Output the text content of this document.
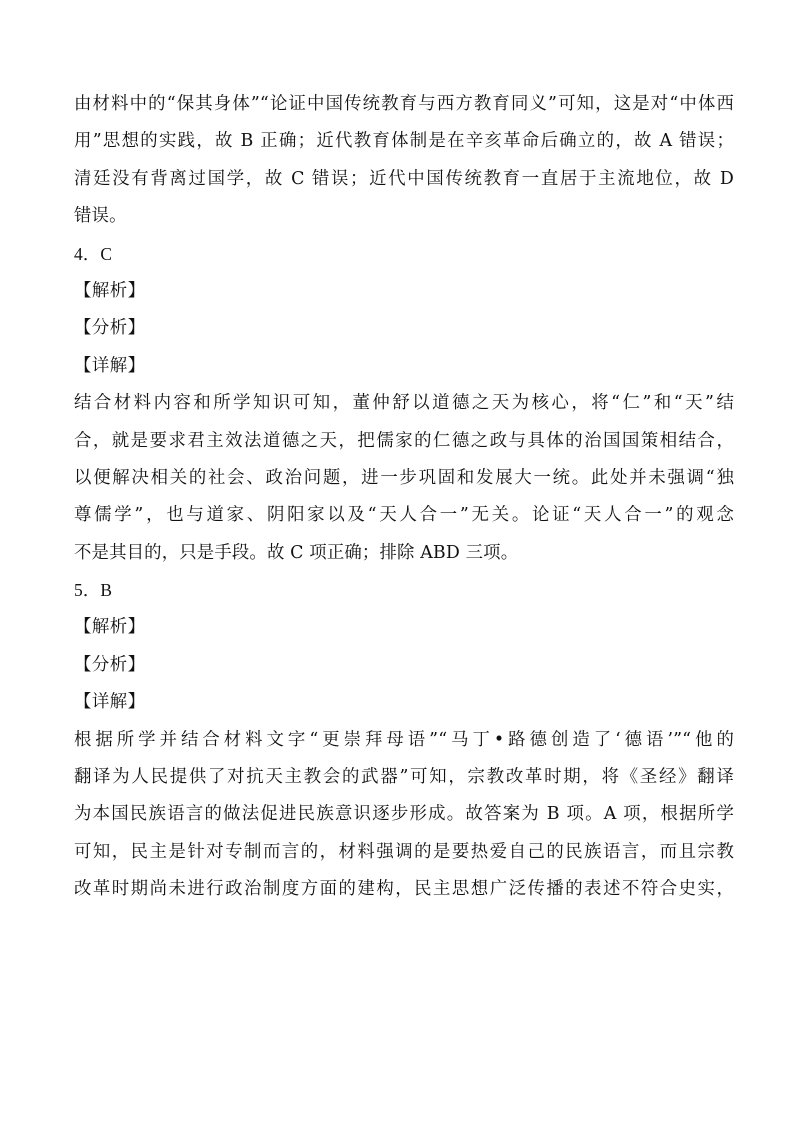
由材料中的“保其身体”“论证中国传统教育与西方教育同义”可知，这是对“中体西
用”思想的实践，故 B 正确；近代教育体制是在辛亥革命后确立的，故 A 错误；
清廷没有背离过国学，故 C 错误；近代中国传统教育一直居于主流地位，故 D
错误。
4．C
【解析】
【分析】
【详解】
结合材料内容和所学知识可知，董仲舒以道德之天为核心，将“仁”和“天”结
合，就是要求君主效法道德之天，把儒家的仁德之政与具体的治国国策相结合，
以便解决相关的社会、政治问题，进一步巩固和发展大一统。此处并未强调“独
尊儒学”，也与道家、阴阳家以及“天人合一”无关。论证“天人合一”的观念
不是其目的，只是手段。故 C 项正确；排除 ABD 三项。
5．B
【解析】
【分析】
【详解】
根据所学并结合材料文字“更崇拜母语”“马丁•路德创造了‘德语’”“他的
翻译为人民提供了对抗天主教会的武器”可知，宗教改革时期，将《圣经》翻译
为本国民族语言的做法促进民族意识逐步形成。故答案为 B 项。A 项，根据所学
可知，民主是针对专制而言的，材料强调的是要热爱自己的民族语言，而且宗教
改革时期尚未进行政治制度方面的建构，民主思想广泛传播的表述不符合史实，
